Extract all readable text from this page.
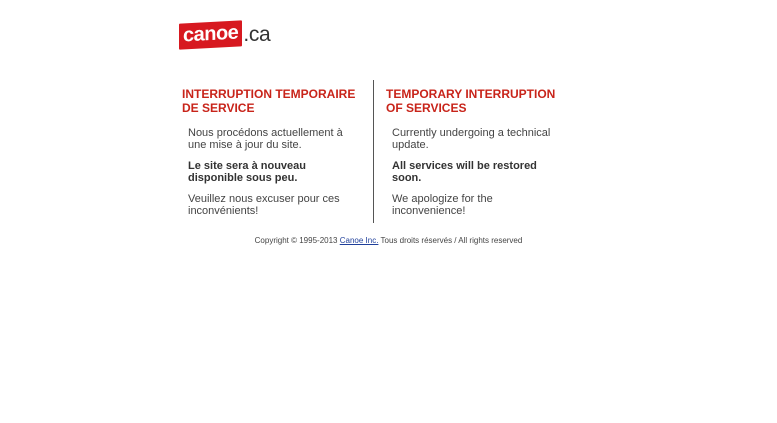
canoe .ca
INTERRUPTION TEMPORAIRE DE SERVICE

Nous procédons actuellement à une mise à jour du site.

Le site sera à nouveau disponible sous peu.

Veuillez nous excuser pour ces inconvénients!

TEMPORARY INTERRUPTION OF SERVICES

Currently undergoing a technical update.

All services will be restored soon.

We apologize for the inconvenience!

Copyright © 1995-2013 Canoe Inc. Tous droits réservés / All rights reserved
